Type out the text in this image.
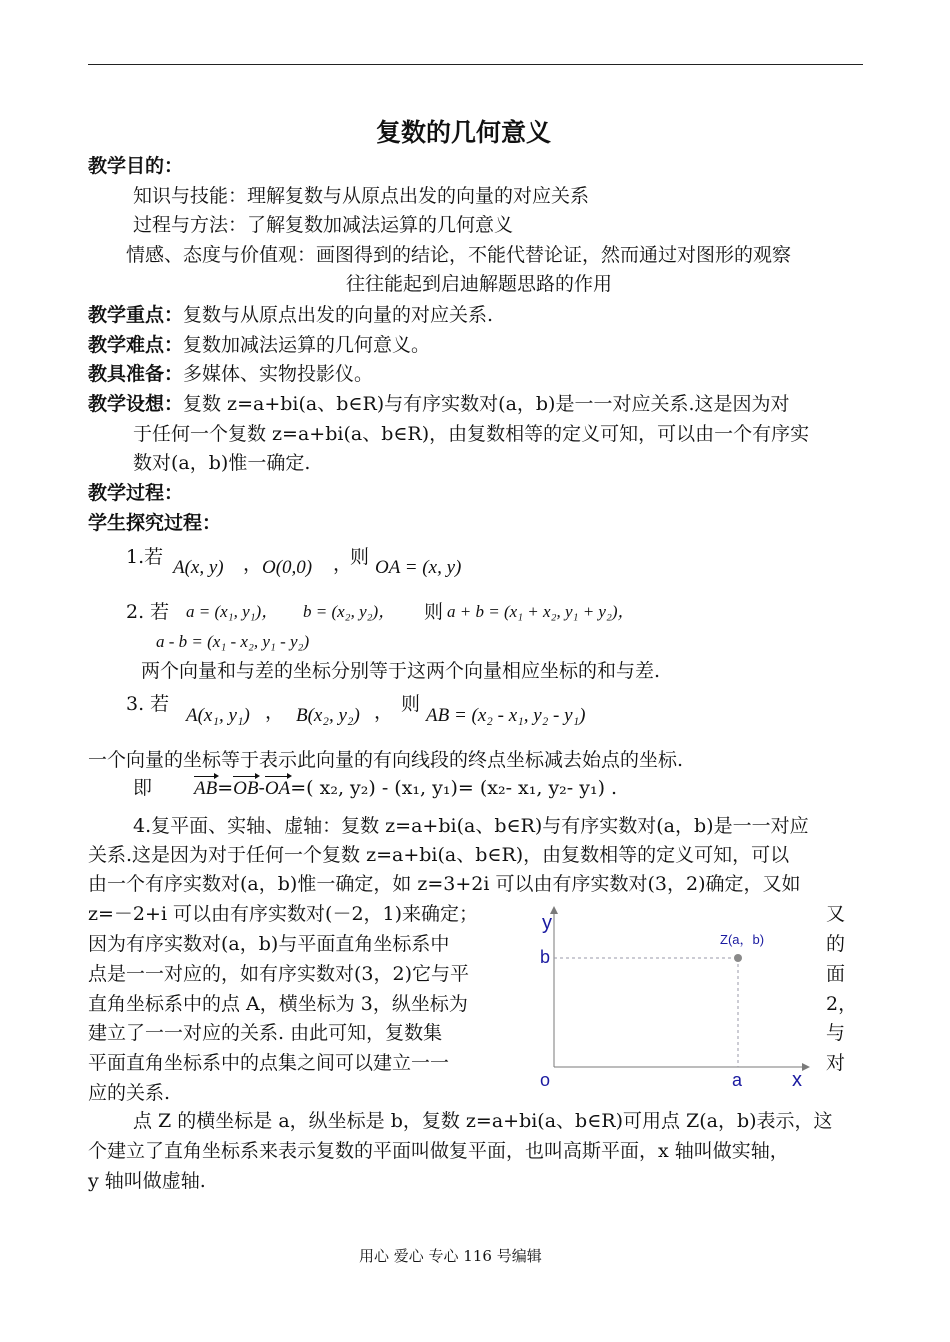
复数的几何意义
教学目的：
知识与技能：理解复数与从原点出发的向量的对应关系
过程与方法：了解复数加减法运算的几何意义
情感、态度与价值观：画图得到的结论，不能代替论证，然而通过对图形的观察
往往能起到启迪解题思路的作用
教学重点：复数与从原点出发的向量的对应关系.
教学难点：复数加减法运算的几何意义。
教具准备：多媒体、实物投影仪。
教学设想：复数 z=a+bi(a、b∈R)与有序实数对(a，b)是一一对应关系.这是因为对
于任何一个复数 z=a+bi(a、b∈R)，由复数相等的定义可知，可以由一个有序实
数对(a，b)惟一确定.
教学过程：
学生探究过程：
1.若 A(x, y) ， O(0,0) ，
则 OA = (x, y)
2. 若 a = (x₁, y₁)， b = (x₂, y₂)， 则 a + b = (x₁ + x₂, y₁ + y₂)，
a - b = (x₁ - x₂, y₁ - y₂)
两个向量和与差的坐标分别等于这两个向量相应坐标的和与差.
3. 若
A(x₁, y₁) ， B(x₂, y₂) ， 则
AB = (x₂ - x₁, y₂ - y₁)
一个向量的坐标等于表示此向量的有向线段的终点坐标减去始点的坐标.
即 AB=OB-OA=( x₂, y₂) - (x₁, y₁)= (x₂- x₁, y₂- y₁) .
4.复平面、实轴、虚轴：复数 z=a+bi(a、b∈R)与有序实数对(a，b)是一一对应
关系.这是因为对于任何一个复数 z=a+bi(a、b∈R)，由复数相等的定义可知，可以
由一个有序实数对(a，b)惟一确定，如 z=3+2i 可以由有序实数对(3，2)确定，又如
z=－2+i 可以由有序实数对(－2，1)来确定；
因为有序实数对(a，b)与平面直角坐标系中
点是一一对应的，如有序实数对(3，2)它与平
直角坐标系中的点 A，横坐标为 3，纵坐标为
建立了一一对应的关系. 由此可知，复数集
平面直角坐标系中的点集之间可以建立一一
应的关系.
又
的
面
2，
与
对
y
b
o	a x
Z(a，b)
点 Z 的横坐标是 a，纵坐标是 b，复数 z=a+bi(a、b∈R)可用点 Z(a，b)表示，这
个建立了直角坐标系来表示复数的平面叫做复平面，也叫高斯平面，x 轴叫做实轴，
y 轴叫做虚轴.
用心 爱心 专心 116 号编辑
